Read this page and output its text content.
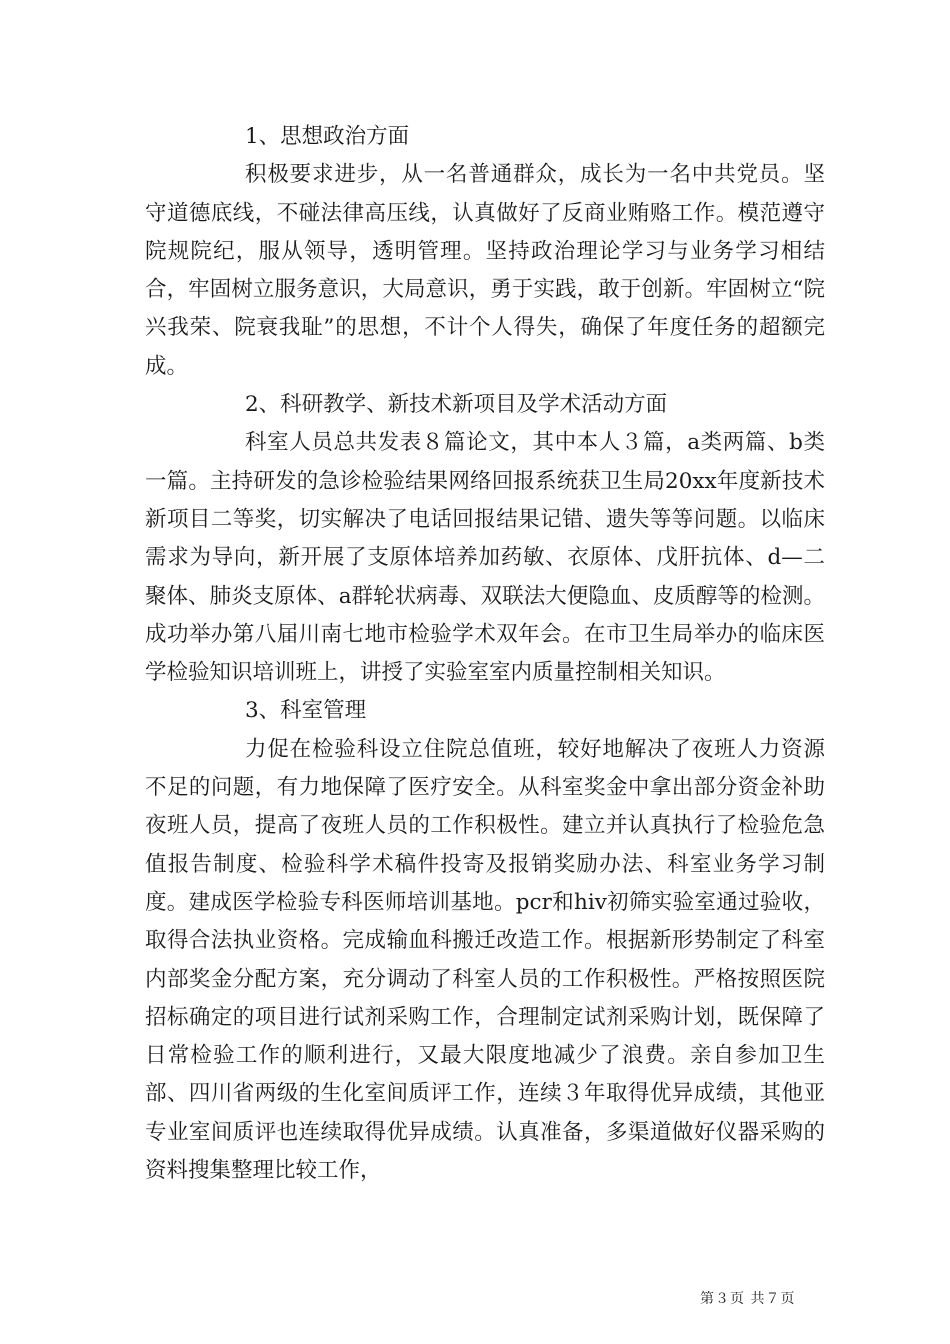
1、思想政治方面

积极要求进步，从一名普通群众，成长为一名中共党员。坚守道德底线，不碰法律高压线，认真做好了反商业贿赂工作。模范遵守院规院纪，服从领导，透明管理。坚持政治理论学习与业务学习相结合，牢固树立服务意识，大局意识，勇于实践，敢于创新。牢固树立“院兴我荣、院衰我耻”的思想，不计个人得失，确保了年度任务的超额完成。

2、科研教学、新技术新项目及学术活动方面

科室人员总共发表８篇论文，其中本人３篇，a类两篇、b类一篇。主持研发的急诊检验结果网络回报系统获卫生局20xx年度新技术新项目二等奖，切实解决了电话回报结果记错、遗失等等问题。以临床需求为导向，新开展了支原体培养加药敏、衣原体、戊肝抗体、d—二聚体、肺炎支原体、a群轮状病毒、双联法大便隐血、皮质醇等的检测。成功举办第八届川南七地市检验学术双年会。在市卫生局举办的临床医学检验知识培训班上，讲授了实验室室内质量控制相关知识。

3、科室管理

力促在检验科设立住院总值班，较好地解决了夜班人力资源不足的问题，有力地保障了医疗安全。从科室奖金中拿出部分资金补助夜班人员，提高了夜班人员的工作积极性。建立并认真执行了检验危急值报告制度、检验科学术稿件投寄及报销奖励办法、科室业务学习制度。建成医学检验专科医师培训基地。pcr和hiv初筛实验室通过验收，取得合法执业资格。完成输血科搬迁改造工作。根据新形势制定了科室内部奖金分配方案，充分调动了科室人员的工作积极性。严格按照医院招标确定的项目进行试剂采购工作，合理制定试剂采购计划，既保障了日常检验工作的顺利进行，又最大限度地减少了浪费。亲自参加卫生部、四川省两级的生化室间质评工作，连续３年取得优异成绩，其他亚专业室间质评也连续取得优异成绩。认真准备，多渠道做好仪器采购的资料搜集整理比较工作，

第３页 共７页
